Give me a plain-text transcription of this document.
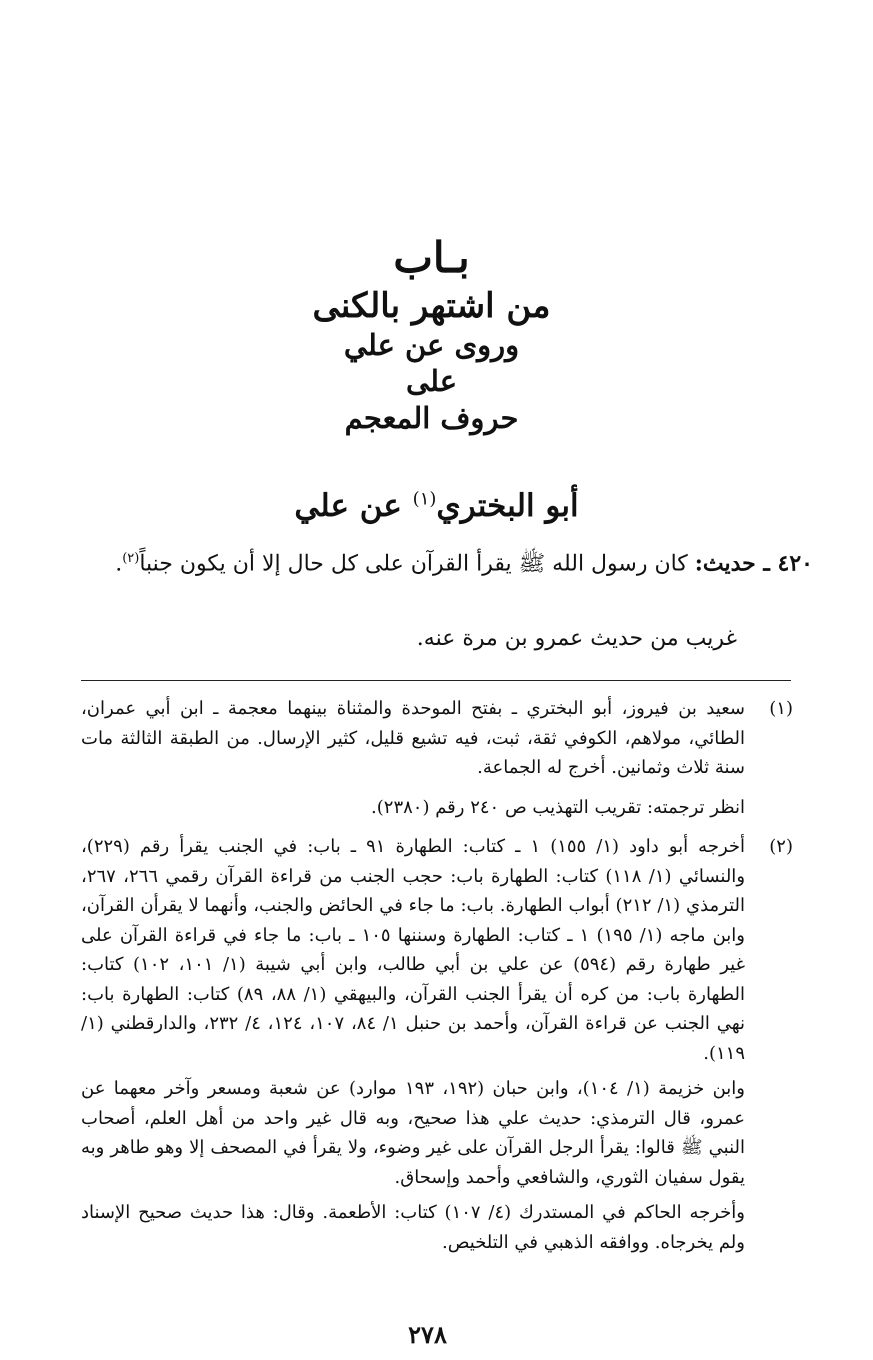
بـاب
من اشتهر بالكنى
وروى عن علي
على
حروف المعجم
أبو البختري$^{(١)}$ عن علي
٤٢٠ ـ حديث: كان رسول الله ﷺ يقرأ القرآن على كل حال إلا أن يكون جنباً$^{(٢)}$.
غريب من حديث عمرو بن مرة عنه.
(١)
سعيد بن فيروز، أبو البختري ـ بفتح الموحدة والمثناة بينهما معجمة ـ ابن أبي عمران، الطائي، مولاهم، الكوفي ثقة، ثبت، فيه تشيع قليل، كثير الإرسال. من الطبقة الثالثة مات سنة ثلاث وثمانين. أخرج له الجماعة.
انظر ترجمته: تقريب التهذيب ص ٢٤٠ رقم (٢٣٨٠).
(٢)
أخرجه أبو داود (١/ ١٥٥) ١ ـ كتاب: الطهارة ٩١ ـ باب: في الجنب يقرأ رقم (٢٢٩)، والنسائي (١/ ١١٨) كتاب: الطهارة باب: حجب الجنب من قراءة القرآن رقمي ٢٦٦، ٢٦٧، الترمذي (١/ ٢١٢) أبواب الطهارة. باب: ما جاء في الحائض والجنب، وأنهما لا يقرأن القرآن، وابن ماجه (١/ ١٩٥) ١ ـ كتاب: الطهارة وسننها ١٠٥ ـ باب: ما جاء في قراءة القرآن على غير طهارة رقم (٥٩٤) عن علي بن أبي طالب، وابن أبي شيبة (١/ ١٠١، ١٠٢) كتاب: الطهارة باب: من كره أن يقرأ الجنب القرآن، والبيهقي (١/ ٨٨، ٨٩) كتاب: الطهارة باب: نهي الجنب عن قراءة القرآن، وأحمد بن حنبل ١/ ٨٤، ١٠٧، ١٢٤، ٤/ ٢٣٢، والدارقطني (١/ ١١٩).
وابن خزيمة (١/ ١٠٤)، وابن حبان (١٩٢، ١٩٣ موارد) عن شعبة ومسعر وآخر معهما عن عمرو، قال الترمذي: حديث علي هذا صحيح، وبه قال غير واحد من أهل العلم، أصحاب النبي ﷺ قالوا: يقرأ الرجل القرآن على غير وضوء، ولا يقرأ في المصحف إلا وهو طاهر وبه يقول سفيان الثوري، والشافعي وأحمد وإسحاق.
وأخرجه الحاكم في المستدرك (٤/ ١٠٧) كتاب: الأطعمة. وقال: هذا حديث صحيح الإسناد ولم يخرجاه. ووافقه الذهبي في التلخيص.
٢٧٨
